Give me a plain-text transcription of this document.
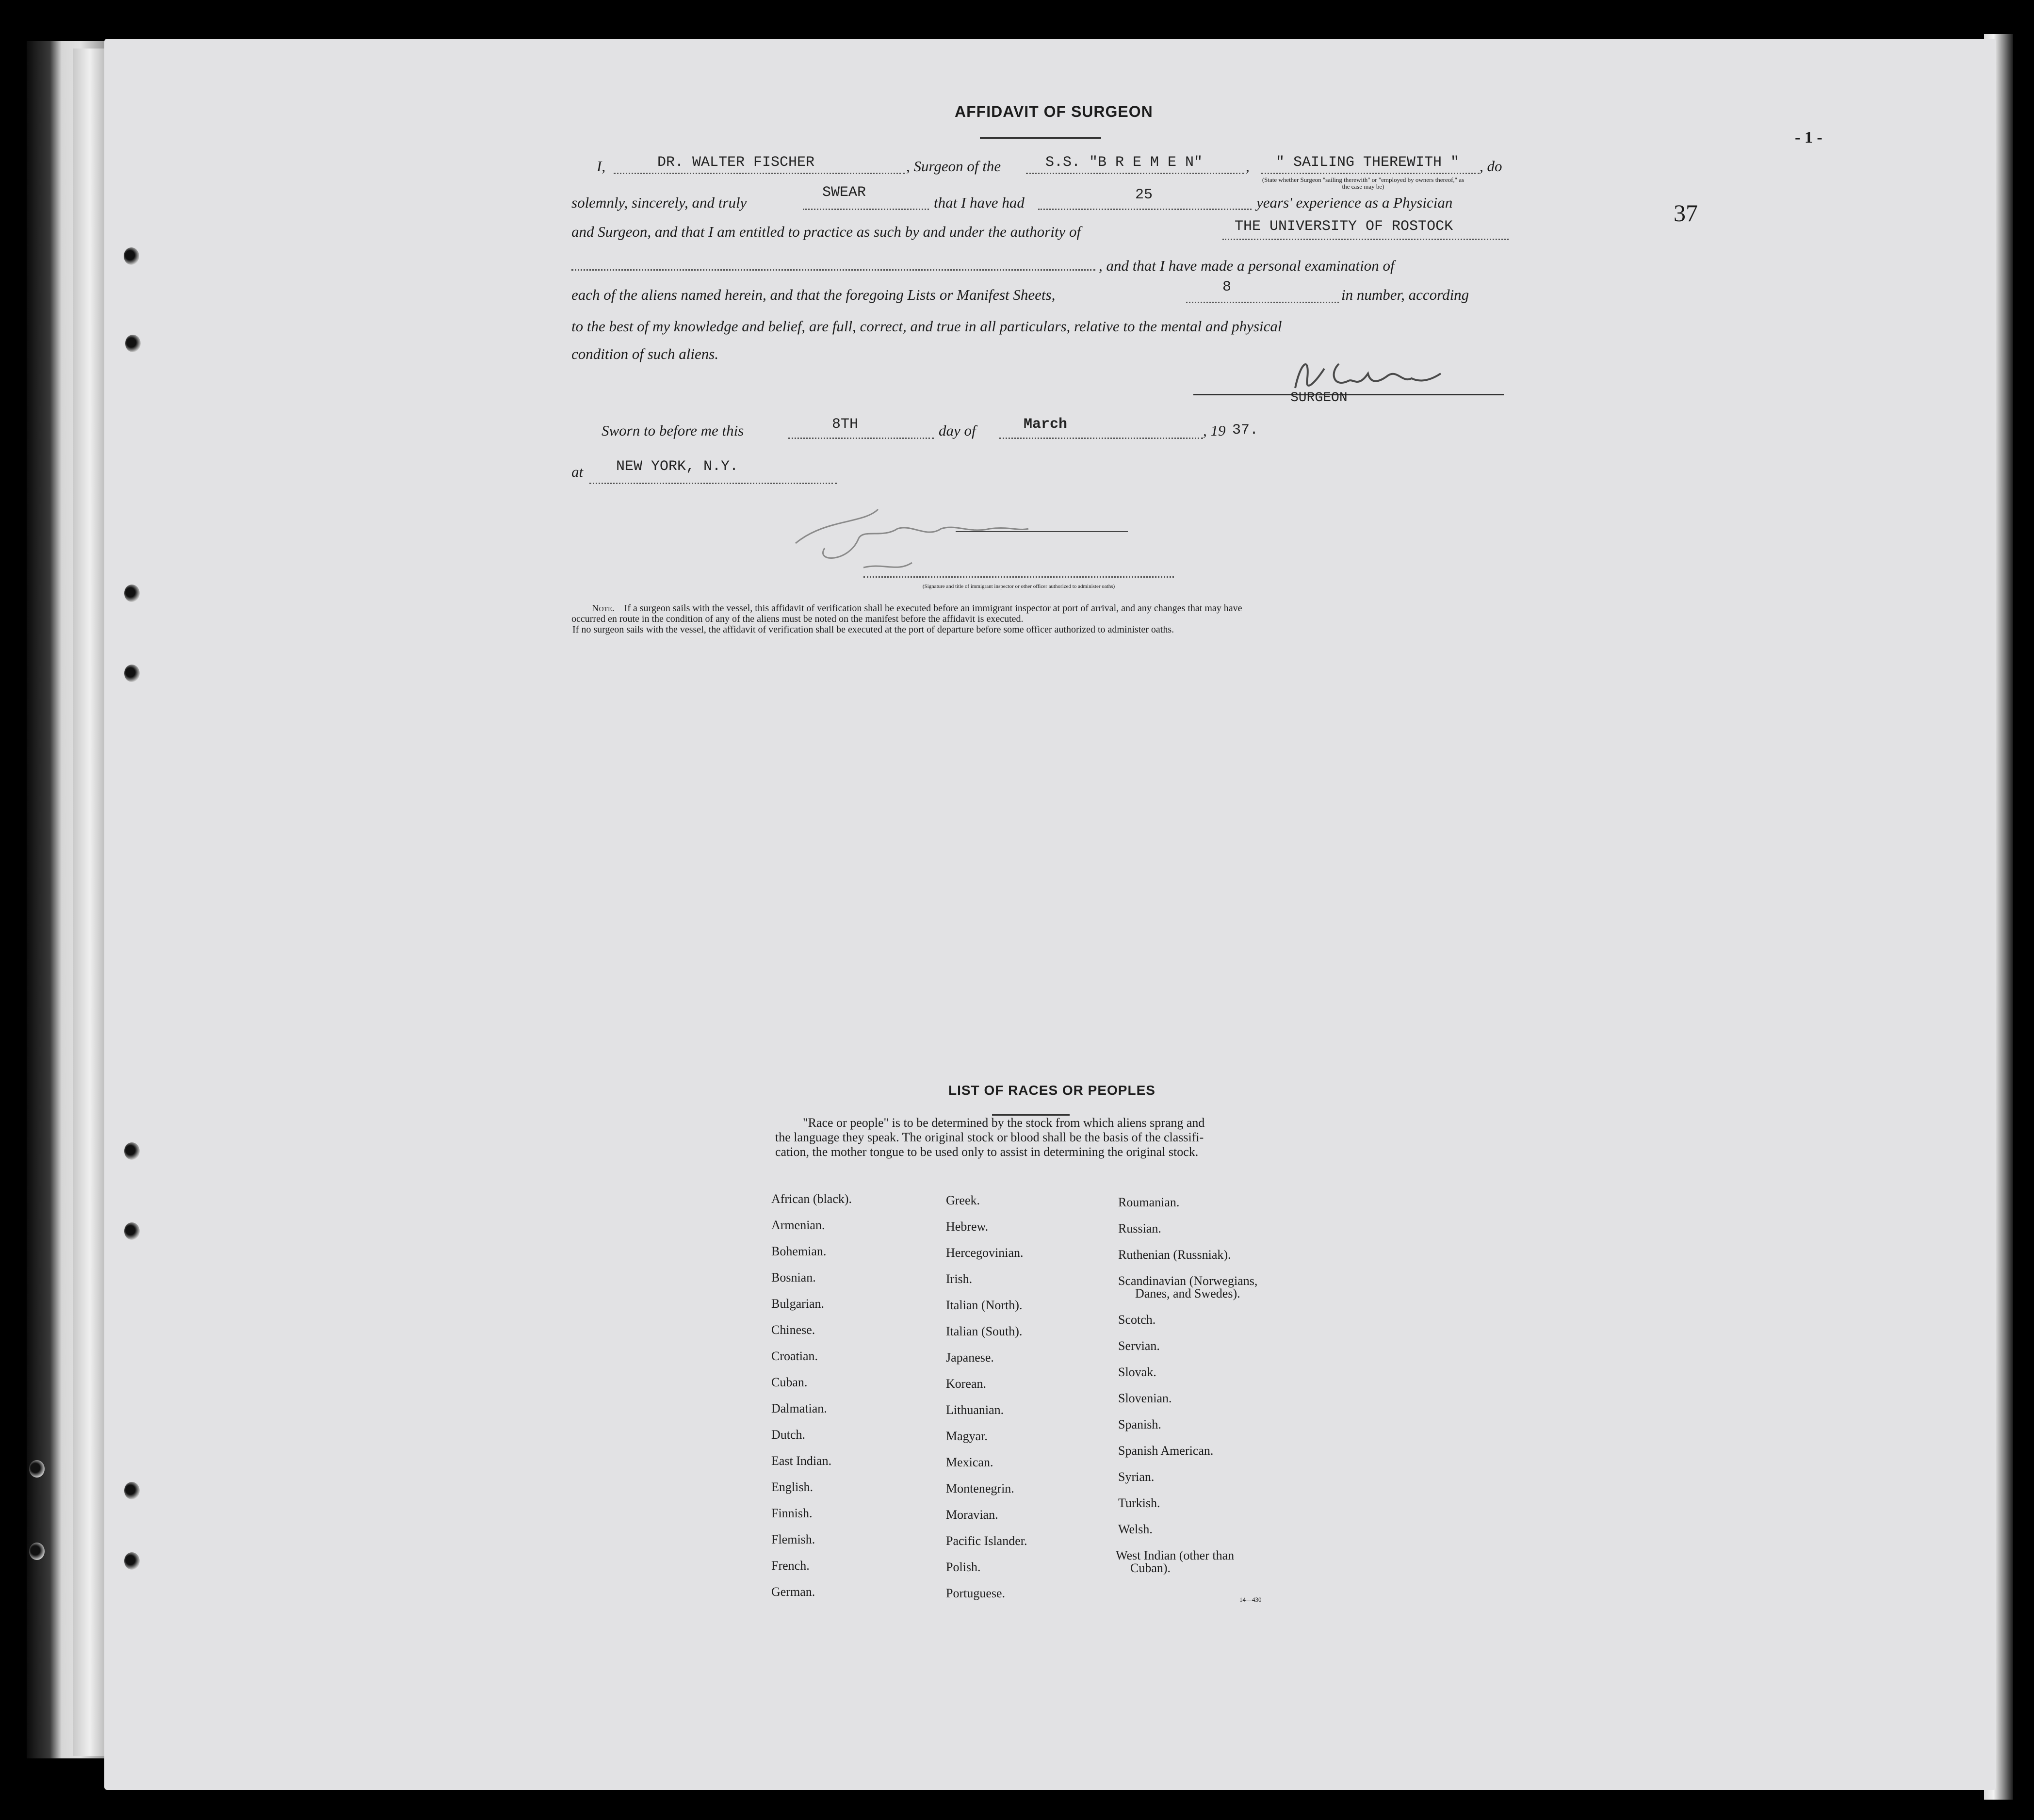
- 1 -
37
AFFIDAVIT OF SURGEON
I,	DR. WALTER FISCHER	, Surgeon of the	S.S. "B R E M E N"	, " SAILING THEREWITH " , do
(State whether Surgeon "sailing therewith" or "employed by owners thereof," as the case may be)
solemnly, sincerely, and truly
SWEAR
that I have had	25	years' experience as a Physician
and Surgeon, and that I am entitled to practice as such by and under the authority of	THE UNIVERSITY OF ROSTOCK
, and that I have made a personal examination of
each of the aliens named herein, and that the foregoing Lists or Manifest Sheets,	8	in number, according
to the best of my knowledge and belief, are full, correct, and true in all particulars, relative to the mental and physical
condition of such aliens.
SURGEON
Sworn to before me this	8TH	day of	March	, 19 37.
at NEW YORK, N.Y.
(Signature and title of immigrant inspector or other officer authorized to administer oaths)
Note.—If a surgeon sails with the vessel, this affidavit of verification shall be executed before an immigrant inspector at port of arrival, and any changes that may have
occurred en route in the condition of any of the aliens must be noted on the manifest before the affidavit is executed.
If no surgeon sails with the vessel, the affidavit of verification shall be executed at the port of departure before some officer authorized to administer oaths.
LIST OF RACES OR PEOPLES
"Race or people" is to be determined by the stock from which aliens sprang and
the language they speak. The original stock or blood shall be the basis of the classifi-
cation, the mother tongue to be used only to assist in determining the original stock.
African (black).
Armenian.
Bohemian.
Bosnian.
Bulgarian.
Chinese.
Croatian.
Cuban.
Dalmatian.
Dutch.
East Indian.
English.
Finnish.
Flemish.
French.
German.
Greek.
Hebrew.
Hercegovinian.
Irish.
Italian (North).
Italian (South).
Japanese.
Korean.
Lithuanian.
Magyar.
Mexican.
Montenegrin.
Moravian.
Pacific Islander.
Polish.
Portuguese.
Roumanian.
Russian.
Ruthenian (Russniak).
Scandinavian (Norwegians,
Danes, and Swedes).
Scotch.
Servian.
Slovak.
Slovenian.
Spanish.
Spanish American.
Syrian.
Turkish.
Welsh.
West Indian (other than
Cuban).
14—430
